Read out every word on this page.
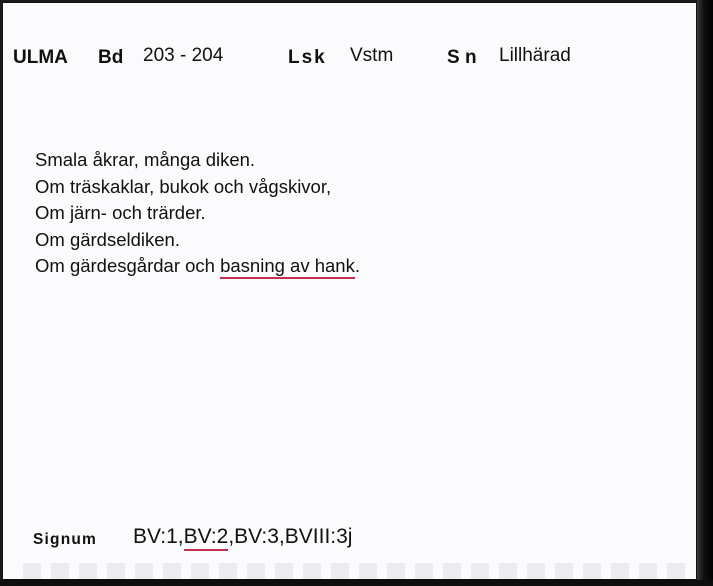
ULMA Bd 203 - 204	Lsk Vstm	S n Lillhärad
Smala åkrar, många diken.
Om träskaklar, bukok och vågskivor,
Om järn- och trärder.
Om gärdseldiken.
Om gärdesgårdar och basning av hank.
Signum BV:1,BV:2,BV:3,BVIII:3j
